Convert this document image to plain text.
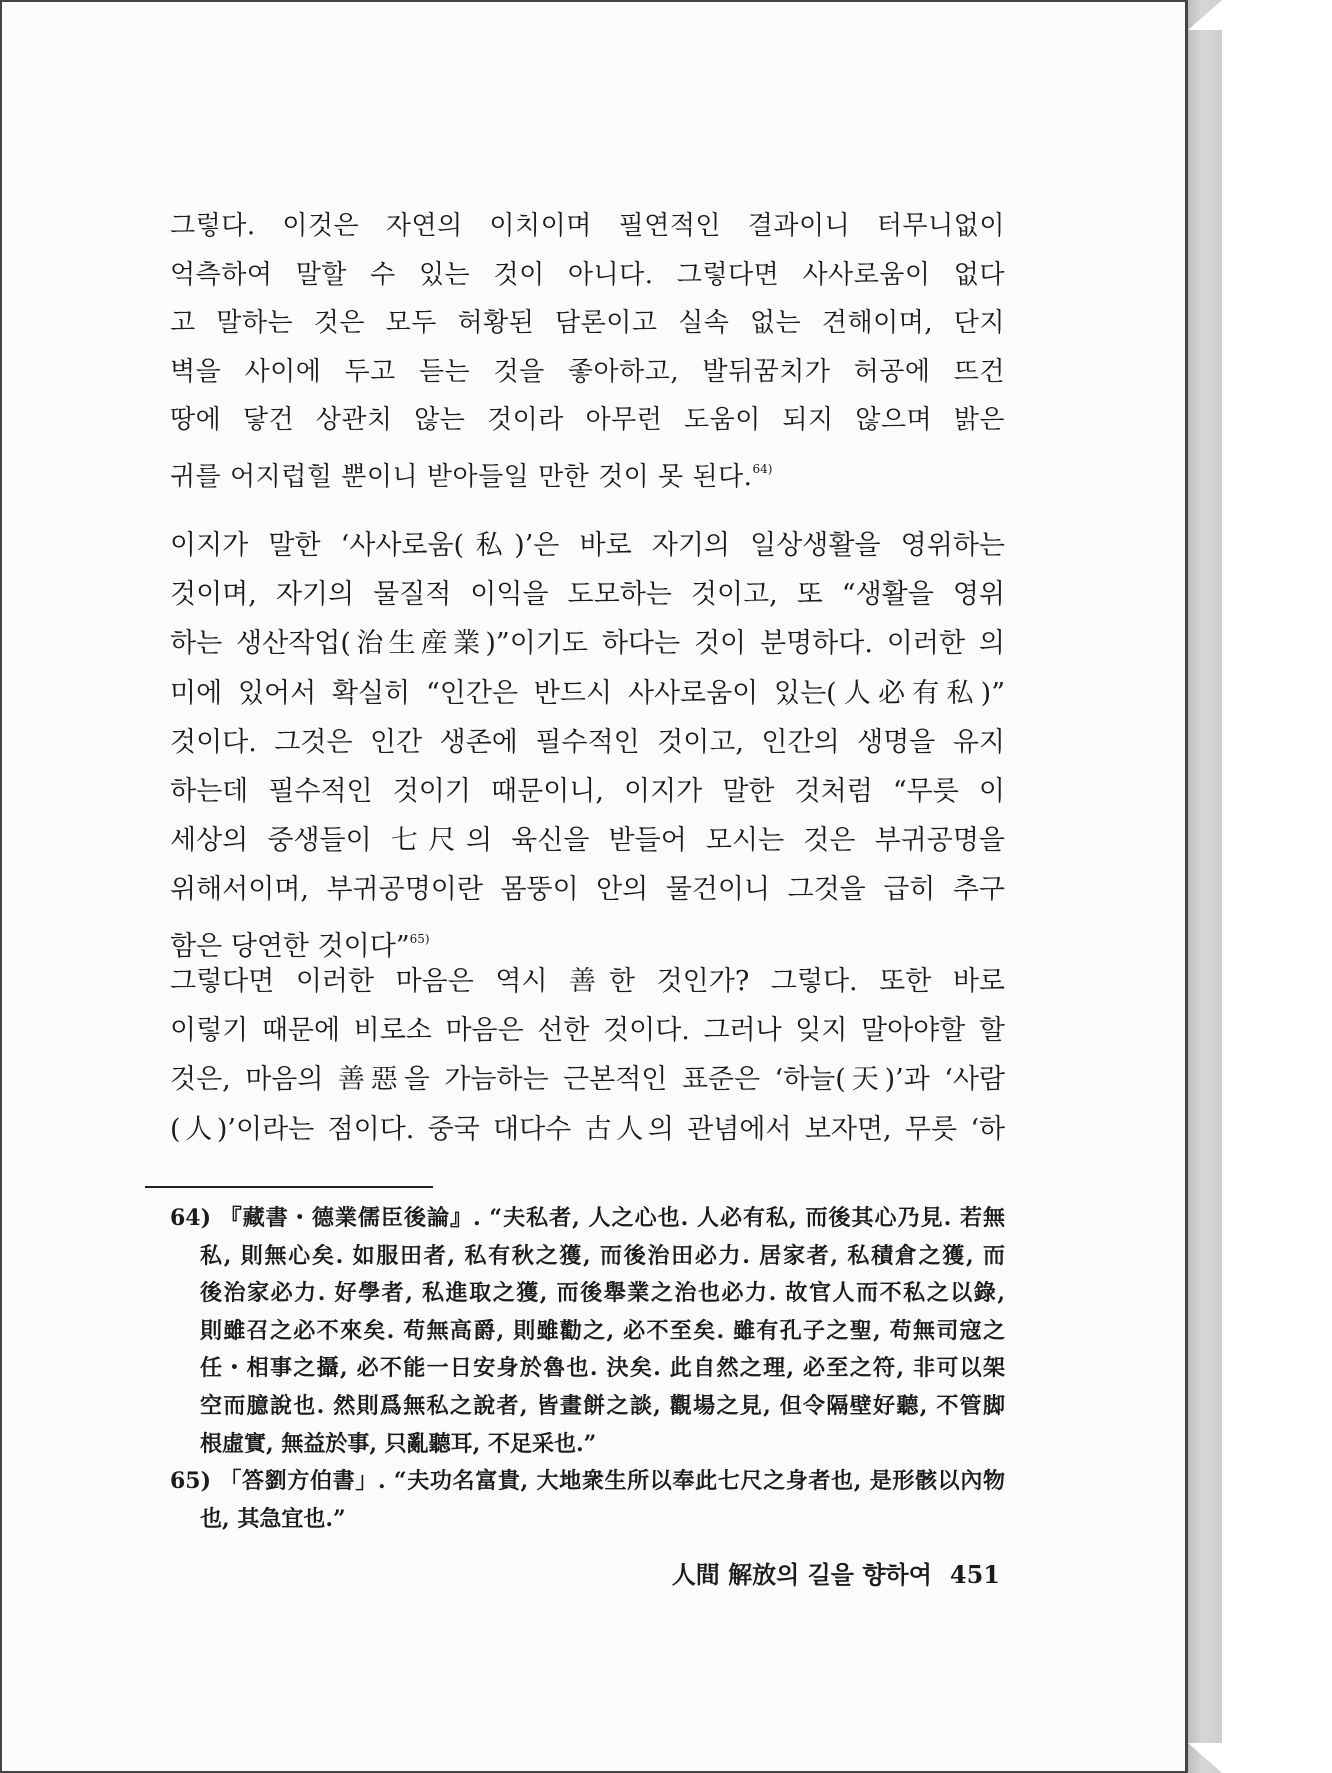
그렇다. 이것은 자연의 이치이며 필연적인 결과이니 터무니없이
억측하여 말할 수 있는 것이 아니다. 그렇다면 사사로움이 없다
고 말하는 것은 모두 허황된 담론이고 실속 없는 견해이며, 단지
벽을 사이에 두고 듣는 것을 좋아하고, 발뒤꿈치가 허공에 뜨건
땅에 닿건 상관치 않는 것이라 아무런 도움이 되지 않으며 밝은
귀를 어지럽힐 뿐이니 받아들일 만한 것이 못 된다.$^{64)}$
이지가 말한 ‘사사로움(私)’은 바로 자기의 일상생활을 영위하는
것이며, 자기의 물질적 이익을 도모하는 것이고, 또 “생활을 영위
하는 생산작업(治生産業)”이기도 하다는 것이 분명하다. 이러한 의
미에 있어서 확실히 “인간은 반드시 사사로움이 있는(人必有私)”
것이다. 그것은 인간 생존에 필수적인 것이고, 인간의 생명을 유지
하는데 필수적인 것이기 때문이니, 이지가 말한 것처럼 “무릇 이
세상의 중생들이 七尺의 육신을 받들어 모시는 것은 부귀공명을
위해서이며, 부귀공명이란 몸뚱이 안의 물건이니 그것을 급히 추구
함은 당연한 것이다”$^{65)}$
그렇다면 이러한 마음은 역시 善한 것인가? 그렇다. 또한 바로
이렇기 때문에 비로소 마음은 선한 것이다. 그러나 잊지 말아야할 할
것은, 마음의 善惡을 가늠하는 근본적인 표준은 ‘하늘(天)’과 ‘사람
(人)’이라는 점이다. 중국 대다수 古人의 관념에서 보자면, 무릇 ‘하
64) 『藏書・德業儒臣後論』. “夫私者, 人之心也. 人必有私, 而後其心乃見. 若無
私, 則無心矣. 如服田者, 私有秋之獲, 而後治田必力. 居家者, 私積倉之獲, 而
後治家必力. 好學者, 私進取之獲, 而後舉業之治也必力. 故官人而不私之以錄,
則雖召之必不來矣. 苟無高爵, 則雖勸之, 必不至矣. 雖有孔子之聖, 苟無司寇之
任・相事之攝, 必不能一日安身於魯也. 決矣. 此自然之理, 必至之符, 非可以架
空而臆說也. 然則爲無私之說者, 皆畫餅之談, 觀場之見, 但令隔壁好聽, 不管脚
根虛實, 無益於事, 只亂聽耳, 不足采也.”
65) 「答劉方伯書」. “夫功名富貴, 大地衆生所以奉此七尺之身者也, 是形骸以內物
也, 其急宜也.”
人間 解放의 길을 향하여 451
